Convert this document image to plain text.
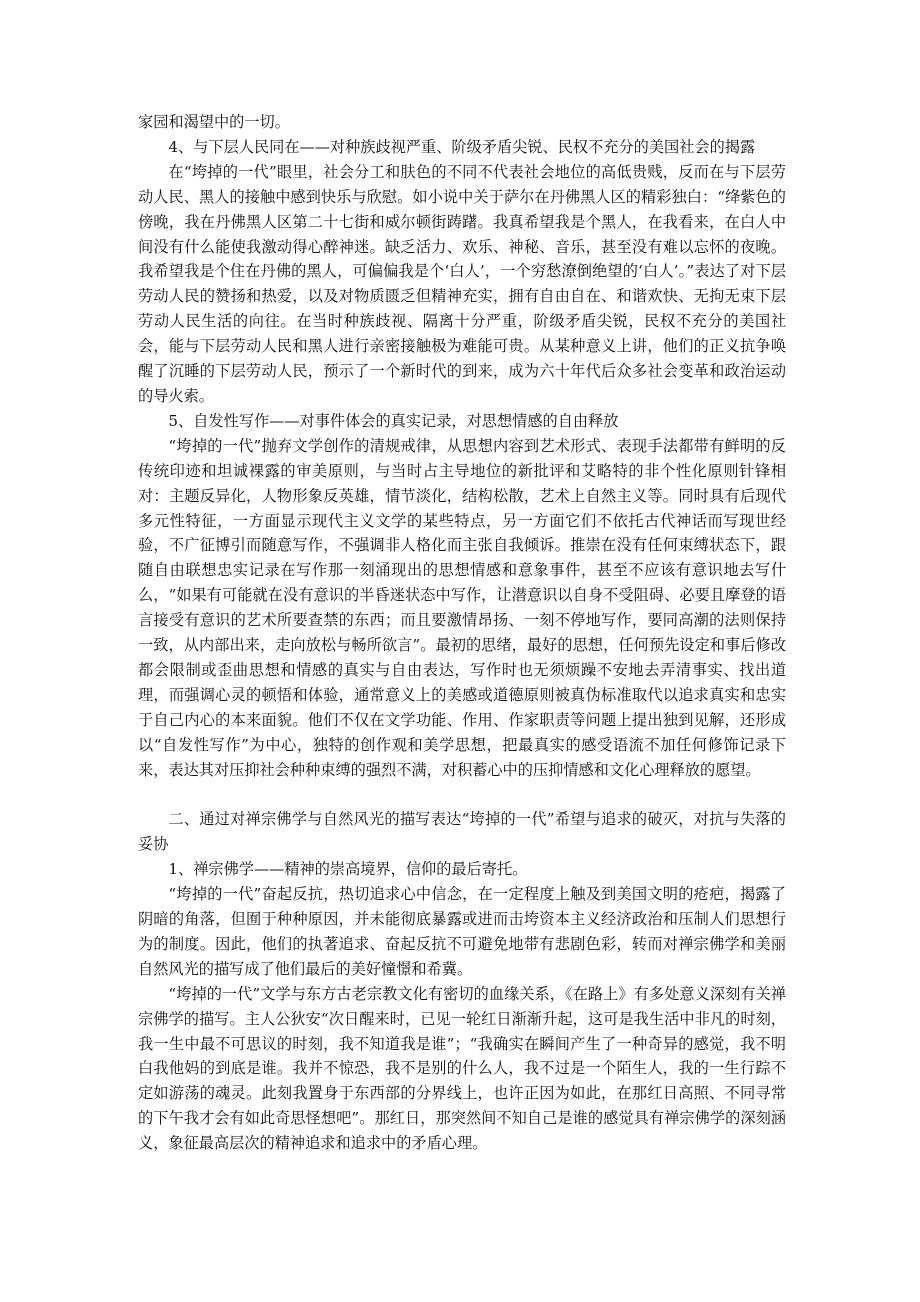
家园和渴望中的一切。

4、与下层人民同在——对种族歧视严重、阶级矛盾尖锐、民权不充分的美国社会的揭露

在“垮掉的一代”眼里，社会分工和肤色的不同不代表社会地位的高低贵贱，反而在与下层劳动人民、黑人的接触中感到快乐与欣慰。如小说中关于萨尔在丹佛黑人区的精彩独白：“绛紫色的傍晚，我在丹佛黑人区第二十七街和威尔顿街踌躇。我真希望我是个黑人，在我看来，在白人中间没有什么能使我激动得心醉神迷。缺乏活力、欢乐、神秘、音乐，甚至没有难以忘怀的夜晚。我希望我是个住在丹佛的黑人，可偏偏我是个‘白人’，一个穷愁潦倒绝望的‘白人’。”表达了对下层劳动人民的赞扬和热爱，以及对物质匮乏但精神充实，拥有自由自在、和谐欢快、无拘无束下层劳动人民生活的向往。在当时种族歧视、隔离十分严重，阶级矛盾尖锐，民权不充分的美国社会，能与下层劳动人民和黑人进行亲密接触极为难能可贵。从某种意义上讲，他们的正义抗争唤醒了沉睡的下层劳动人民，预示了一个新时代的到来，成为六十年代后众多社会变革和政治运动的导火索。

5、自发性写作——对事件体会的真实记录，对思想情感的自由释放

“垮掉的一代”抛弃文学创作的清规戒律，从思想内容到艺术形式、表现手法都带有鲜明的反传统印迹和坦诚裸露的审美原则，与当时占主导地位的新批评和艾略特的非个性化原则针锋相对：主题反异化，人物形象反英雄，情节淡化，结构松散，艺术上自然主义等。同时具有后现代多元性特征，一方面显示现代主义文学的某些特点，另一方面它们不依托古代神话而写现世经验，不广征博引而随意写作，不强调非人格化而主张自我倾诉。推崇在没有任何束缚状态下，跟随自由联想忠实记录在写作那一刻涌现出的思想情感和意象事件，甚至不应该有意识地去写什么，“如果有可能就在没有意识的半昏迷状态中写作，让潜意识以自身不受阻碍、必要且摩登的语言接受有意识的艺术所要查禁的东西；而且要激情昂扬、一刻不停地写作，要同高潮的法则保持一致，从内部出来，走向放松与畅所欲言”。最初的思绪，最好的思想，任何预先设定和事后修改都会限制或歪曲思想和情感的真实与自由表达，写作时也无须烦躁不安地去弄清事实、找出道理，而强调心灵的顿悟和体验，通常意义上的美感或道德原则被真伪标准取代以追求真实和忠实于自己内心的本来面貌。他们不仅在文学功能、作用、作家职责等问题上提出独到见解，还形成以“自发性写作”为中心，独特的创作观和美学思想，把最真实的感受语流不加任何修饰记录下来，表达其对压抑社会种种束缚的强烈不满，对积蓄心中的压抑情感和文化心理释放的愿望。

二、通过对禅宗佛学与自然风光的描写表达“垮掉的一代”希望与追求的破灭，对抗与失落的妥协

1、禅宗佛学——精神的崇高境界，信仰的最后寄托。

“垮掉的一代”奋起反抗，热切追求心中信念，在一定程度上触及到美国文明的疮疤，揭露了阴暗的角落，但囿于种种原因，并未能彻底暴露或进而击垮资本主义经济政治和压制人们思想行为的制度。因此，他们的执著追求、奋起反抗不可避免地带有悲剧色彩，转而对禅宗佛学和美丽自然风光的描写成了他们最后的美好憧憬和希冀。

“垮掉的一代”文学与东方古老宗教文化有密切的血缘关系，《在路上》有多处意义深刻有关禅宗佛学的描写。主人公狄安“次日醒来时，已见一轮红日渐渐升起，这可是我生活中非凡的时刻，我一生中最不可思议的时刻，我不知道我是谁”；“我确实在瞬间产生了一种奇异的感觉，我不明白我他妈的到底是谁。我并不惊恐，我不是别的什么人，我不过是一个陌生人，我的一生行踪不定如游荡的魂灵。此刻我置身于东西部的分界线上，也许正因为如此，在那红日高照、不同寻常的下午我才会有如此奇思怪想吧”。那红日，那突然间不知自己是谁的感觉具有禅宗佛学的深刻涵义，象征最高层次的精神追求和追求中的矛盾心理。
